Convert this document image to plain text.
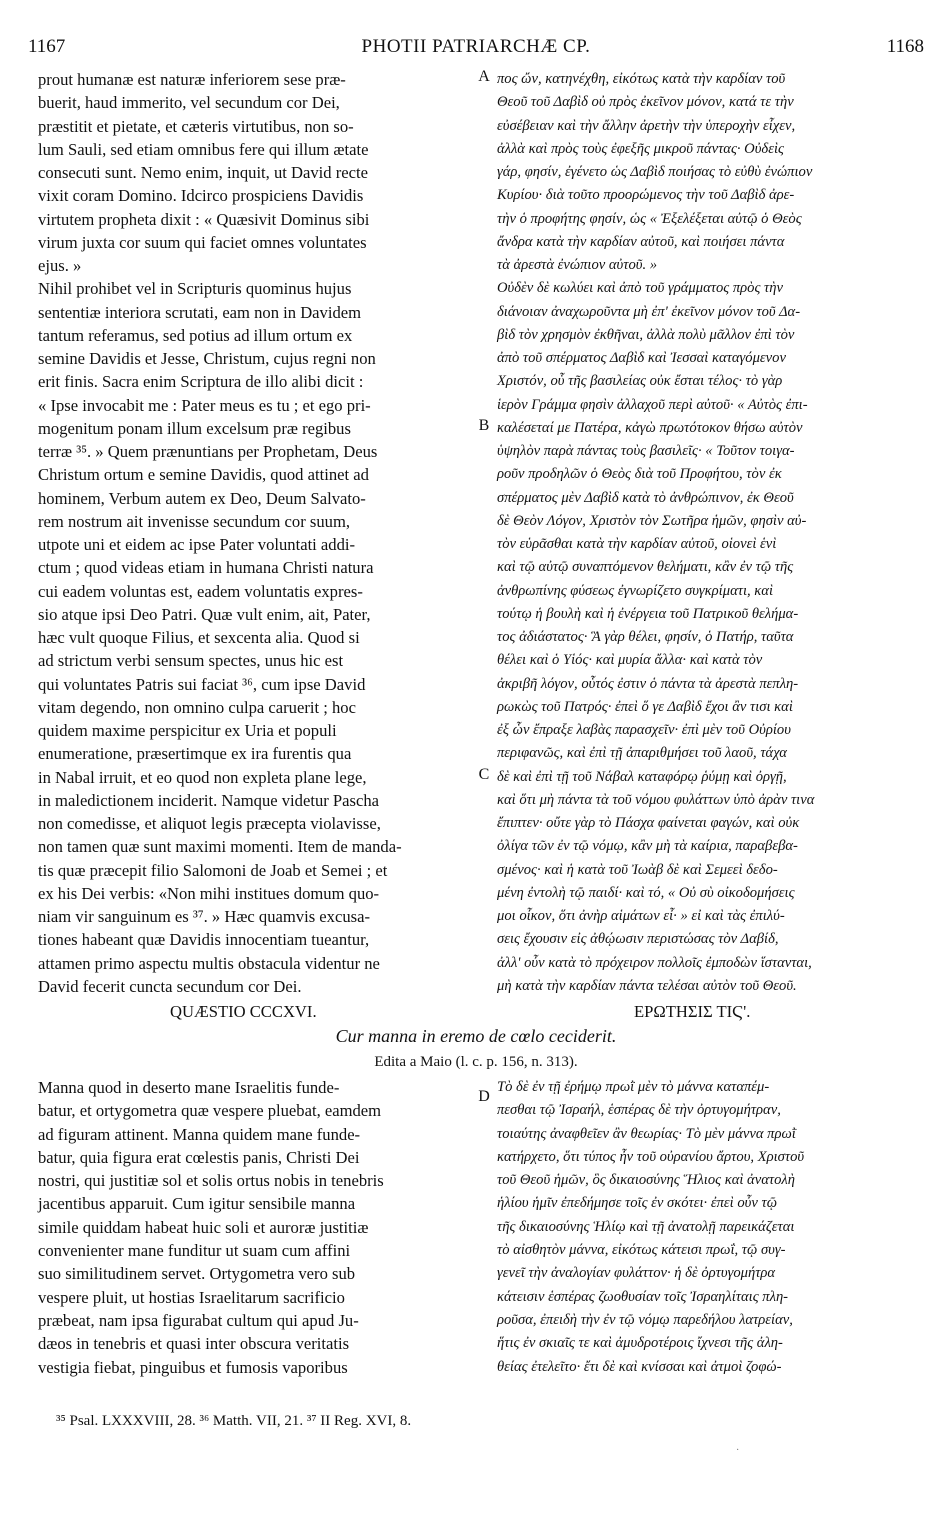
1167	PHOTII PATRIARCHÆ CP.	1168
prout humanæ est naturæ inferiorem sese præ-
buerit, haud immerito, vel secundum cor Dei,
præstitit et pietate, et cæteris virtutibus, non so-
lum Sauli, sed etiam omnibus fere qui illum ætate
consecuti sunt. Nemo enim, inquit, ut David recte
vixit coram Domino. Idcirco prospiciens Davidis
virtutem propheta dixit : « Quæsivit Dominus sibi
virum juxta cor suum qui faciet omnes voluntates
ejus. »
Nihil prohibet vel in Scripturis quominus hujus
sententiæ interiora scrutati, eam non in Davidem
tantum referamus, sed potius ad illum ortum ex
semine Davidis et Jesse, Christum, cujus regni non
erit finis. Sacra enim Scriptura de illo alibi dicit :
« Ipse invocabit me : Pater meus es tu ; et ego pri-
mogenitum ponam illum excelsum præ regibus
terræ ³⁵. » Quem prænuntians per Prophetam, Deus
Christum ortum e semine Davidis, quod attinet ad
hominem, Verbum autem ex Deo, Deum Salvato-
rem nostrum ait invenisse secundum cor suum,
utpote uni et eidem ac ipse Pater voluntati addi-
ctum ; quod videas etiam in humana Christi natura
cui eadem voluntas est, eadem voluntatis expres-
sio atque ipsi Deo Patri. Quæ vult enim, ait, Pater,
hæc vult quoque Filius, et sexcenta alia. Quod si
ad strictum verbi sensum spectes, unus hic est
qui voluntates Patris sui faciat ³⁶, cum ipse David
vitam degendo, non omnino culpa caruerit ; hoc
quidem maxime perspicitur ex Uria et populi
enumeratione, præsertimque ex ira furentis qua
in Nabal irruit, et eo quod non expleta plane lege,
in maledictionem inciderit. Namque videtur Pascha
non comedisse, et aliquot legis præcepta violavisse,
non tamen quæ sunt maximi momenti. Item de manda-
tis quæ præcepit filio Salomoni de Joab et Semei ; et
ex his Dei verbis: «Non mihi institues domum quo-
niam vir sanguinum es ³⁷. » Hæc quamvis excusa-
tiones habeant quæ Davidis innocentiam tueantur,
attamen primo aspectu multis obstacula videntur ne
David fecerit cuncta secundum cor Dei.
πος ὤν, κατηνέχθη, εἰκότως κατὰ τὴν καρδίαν τοῦ
Θεοῦ τοῦ Δαβὶδ οὐ πρὸς ἐκεῖνον μόνον, κατά τε τὴν
εὐσέβειαν καὶ τὴν ἄλλην ἀρετὴν τὴν ὑπεροχὴν εἶχεν,
ἀλλὰ καὶ πρὸς τοὺς ἐφεξῆς μικροῦ πάντας· Οὐδεὶς
γάρ, φησίν, ἐγένετο ὡς Δαβὶδ ποιήσας τὸ εὐθὺ ἐνώπιον
Κυρίου· διὰ τοῦτο προορώμενος τὴν τοῦ Δαβὶδ ἀρε-
τὴν ὁ προφήτης φησίν, ὡς « Ἐξελέξεται αὐτῷ ὁ Θεὸς
ἄνδρα κατὰ τὴν καρδίαν αὐτοῦ, καὶ ποιήσει πάντα
τὰ ἀρεστὰ ἐνώπιον αὐτοῦ. »
Οὐδὲν δὲ κωλύει καὶ ἀπὸ τοῦ γράμματος πρὸς τὴν
διάνοιαν ἀναχωροῦντα μὴ ἐπ' ἐκεῖνον μόνον τοῦ Δα-
βὶδ τὸν χρησμὸν ἐκθῆναι, ἀλλὰ πολὺ μᾶλλον ἐπὶ τὸν
ἀπὸ τοῦ σπέρματος Δαβὶδ καὶ Ἰεσσαὶ καταγόμενον
Χριστόν, οὗ τῆς βασιλείας οὐκ ἔσται τέλος· τὸ γὰρ
ἱερὸν Γράμμα φησὶν ἀλλαχοῦ περὶ αὐτοῦ· « Αὐτὸς ἐπι-
καλέσεταί με Πατέρα, κἀγὼ πρωτότοκον θήσω αὐτὸν
ὑψηλὸν παρὰ πάντας τοὺς βασιλεῖς· « Τοῦτον τοιγα-
ροῦν προδηλῶν ὁ Θεὸς διὰ τοῦ Προφήτου, τὸν ἐκ
σπέρματος μὲν Δαβὶδ κατὰ τὸ ἀνθρώπινον, ἐκ Θεοῦ
δὲ Θεὸν Λόγον, Χριστὸν τὸν Σωτῆρα ἡμῶν, φησὶν αὐ-
τὸν εὑρᾶσθαι κατὰ τὴν καρδίαν αὐτοῦ, οἱονεὶ ἑνὶ
καὶ τῷ αὐτῷ συναπτόμενον θελήματι, κἂν ἐν τῷ τῆς
ἀνθρωπίνης φύσεως ἐγνωρίζετο συγκρίματι, καὶ
τούτῳ ἡ βουλὴ καὶ ἡ ἐνέργεια τοῦ Πατρικοῦ θελήμα-
τος ἀδιάστατος· Ἃ γὰρ θέλει, φησίν, ὁ Πατήρ, ταῦτα
θέλει καὶ ὁ Υἱός· καὶ μυρία ἄλλα· καὶ κατὰ τὸν
ἀκριβῆ λόγον, οὗτός ἐστιν ὁ πάντα τὰ ἀρεστὰ πεπλη-
ρωκὼς τοῦ Πατρός· ἐπεὶ ὅ γε Δαβὶδ ἔχοι ἂν τισι καὶ
ἐξ ὧν ἔπραξε λαβὰς παρασχεῖν· ἐπὶ μὲν τοῦ Οὐρίου
περιφανῶς, καὶ ἐπὶ τῇ ἀπαριθμήσει τοῦ λαοῦ, τάχα
δὲ καὶ ἐπὶ τῇ τοῦ Νάβαλ καταφόρῳ ῥύμῃ καὶ ὀργῇ,
καὶ ὅτι μὴ πάντα τὰ τοῦ νόμου φυλάττων ὑπὸ ἀρὰν τινα
ἔπιπτεν· οὔτε γὰρ τὸ Πάσχα φαίνεται φαγών, καὶ οὐκ
ὀλίγα τῶν ἐν τῷ νόμῳ, κἂν μὴ τὰ καίρια, παραβεβα-
σμένος· καὶ ἡ κατὰ τοῦ Ἰωὰβ δὲ καὶ Σεμεεὶ δεδο-
μένη ἐντολὴ τῷ παιδί· καὶ τό, « Οὐ σὺ οἰκοδομήσεις
μοι οἶκον, ὅτι ἀνὴρ αἱμάτων εἶ· » εἰ καὶ τὰς ἐπιλύ-
σεις ἔχουσιν εἰς ἀθῴωσιν περιστώσας τὸν Δαβίδ,
ἀλλ' οὖν κατὰ τὸ πρόχειρον πολλοῖς ἐμποδὼν ἵστανται,
μὴ κατὰ τὴν καρδίαν πάντα τελέσαι αὐτὸν τοῦ Θεοῦ.
A
B
C
D
QUÆSTIO CCCXVI.	ΕΡΩΤΗΣΙΣ ΤΙϚ'.
Cur manna in eremo de cœlo ceciderit.
Edita a Maio (l. c. p. 156, n. 313).
Manna quod in deserto mane Israelitis funde-
batur, et ortygometra quæ vespere pluebat, eamdem
ad figuram attinent. Manna quidem mane funde-
batur, quia figura erat cœlestis panis, Christi Dei
nostri, qui justitiæ sol et solis ortus nobis in tenebris
jacentibus apparuit. Cum igitur sensibile manna
simile quiddam habeat huic soli et auroræ justitiæ
convenienter mane funditur ut suam cum affini
suo similitudinem servet. Ortygometra vero sub
vespere pluit, ut hostias Israelitarum sacrificio
præbeat, nam ipsa figurabat cultum qui apud Ju-
dæos in tenebris et quasi inter obscura veritatis
vestigia fiebat, pinguibus et fumosis vaporibus
Τὸ δὲ ἐν τῇ ἐρήμῳ πρωῒ μὲν τὸ μάννα καταπέμ-
πεσθαι τῷ Ἰσραήλ, ἑσπέρας δὲ τὴν ὀρτυγομήτραν,
τοιαύτης ἀναφθεῖεν ἂν θεωρίας· Τὸ μὲν μάννα πρωῒ
κατήρχετο, ὅτι τύπος ἦν τοῦ οὐρανίου ἄρτου, Χριστοῦ
τοῦ Θεοῦ ἡμῶν, ὃς δικαιοσύνης Ἥλιος καὶ ἀνατολὴ
ἡλίου ἡμῖν ἐπεδήμησε τοῖς ἐν σκότει· ἐπεὶ οὖν τῷ
τῆς δικαιοσύνης Ἡλίῳ καὶ τῇ ἀνατολῇ παρεικάζεται
τὸ αἰσθητὸν μάννα, εἰκότως κάτεισι πρωΐ, τῷ συγ-
γενεῖ τὴν ἀναλογίαν φυλάττον· ἡ δὲ ὀρτυγομήτρα
κάτεισιν ἑσπέρας ζωοθυσίαν τοῖς Ἰσραηλίταις πλη-
ροῦσα, ἐπειδὴ τὴν ἐν τῷ νόμῳ παρεδήλου λατρείαν,
ἥτις ἐν σκιαῖς τε καὶ ἀμυδροτέροις ἴχνεσι τῆς ἀλη-
θείας ἐτελεῖτο· ἔτι δὲ καὶ κνίσσαι καὶ ἀτμοὶ ζοφώ-
³⁵ Psal. LXXXVIII, 28. ³⁶ Matth. VII, 21. ³⁷ II Reg. XVI, 8.
·
